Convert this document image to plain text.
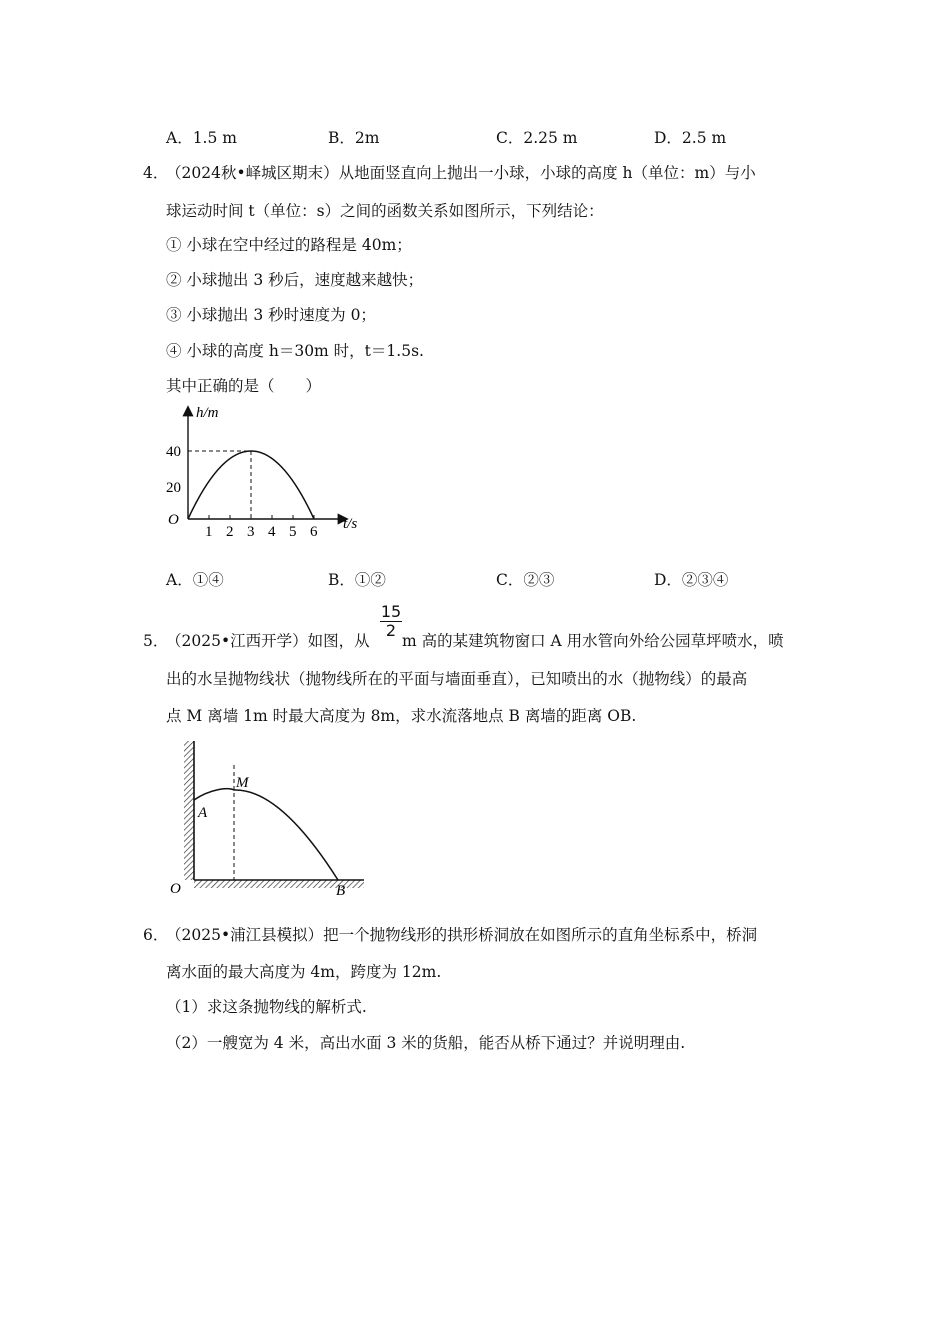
A．1.5 m	B．2m	C．2.25 m	D．2.5 m
4．
（2024秋•峄城区期末）从地面竖直向上抛出一小球，小球的高度 h（单位：m）与小
球运动时间 t（单位：s）之间的函数关系如图所示，下列结论：
① 小球在空中经过的路程是 40m；
② 小球抛出 3 秒后，速度越来越快；
③ 小球抛出 3 秒时速度为 0；
④ 小球的高度 h＝30m 时，t＝1.5s.
其中正确的是（　　）
h/m
t/s
O
40
20
1 2 3 4 5 6
A．①④	B．①②	C．②③	D．②③④
5．
（2025•江西开学）如图，从
15
2
m 高的某建筑物窗口 A 用水管向外给公园草坪喷水，喷
出的水呈抛物线状（抛物线所在的平面与墙面垂直），已知喷出的水（抛物线）的最高
点 M 离墙 1m 时最大高度为 8m，求水流落地点 B 离墙的距离 OB.
A
M
O	B
6．
（2025•浦江县模拟）把一个抛物线形的拱形桥洞放在如图所示的直角坐标系中，桥洞
离水面的最大高度为 4m，跨度为 12m.
（1）求这条抛物线的解析式.
（2）一艘宽为 4 米，高出水面 3 米的货船，能否从桥下通过？并说明理由.
